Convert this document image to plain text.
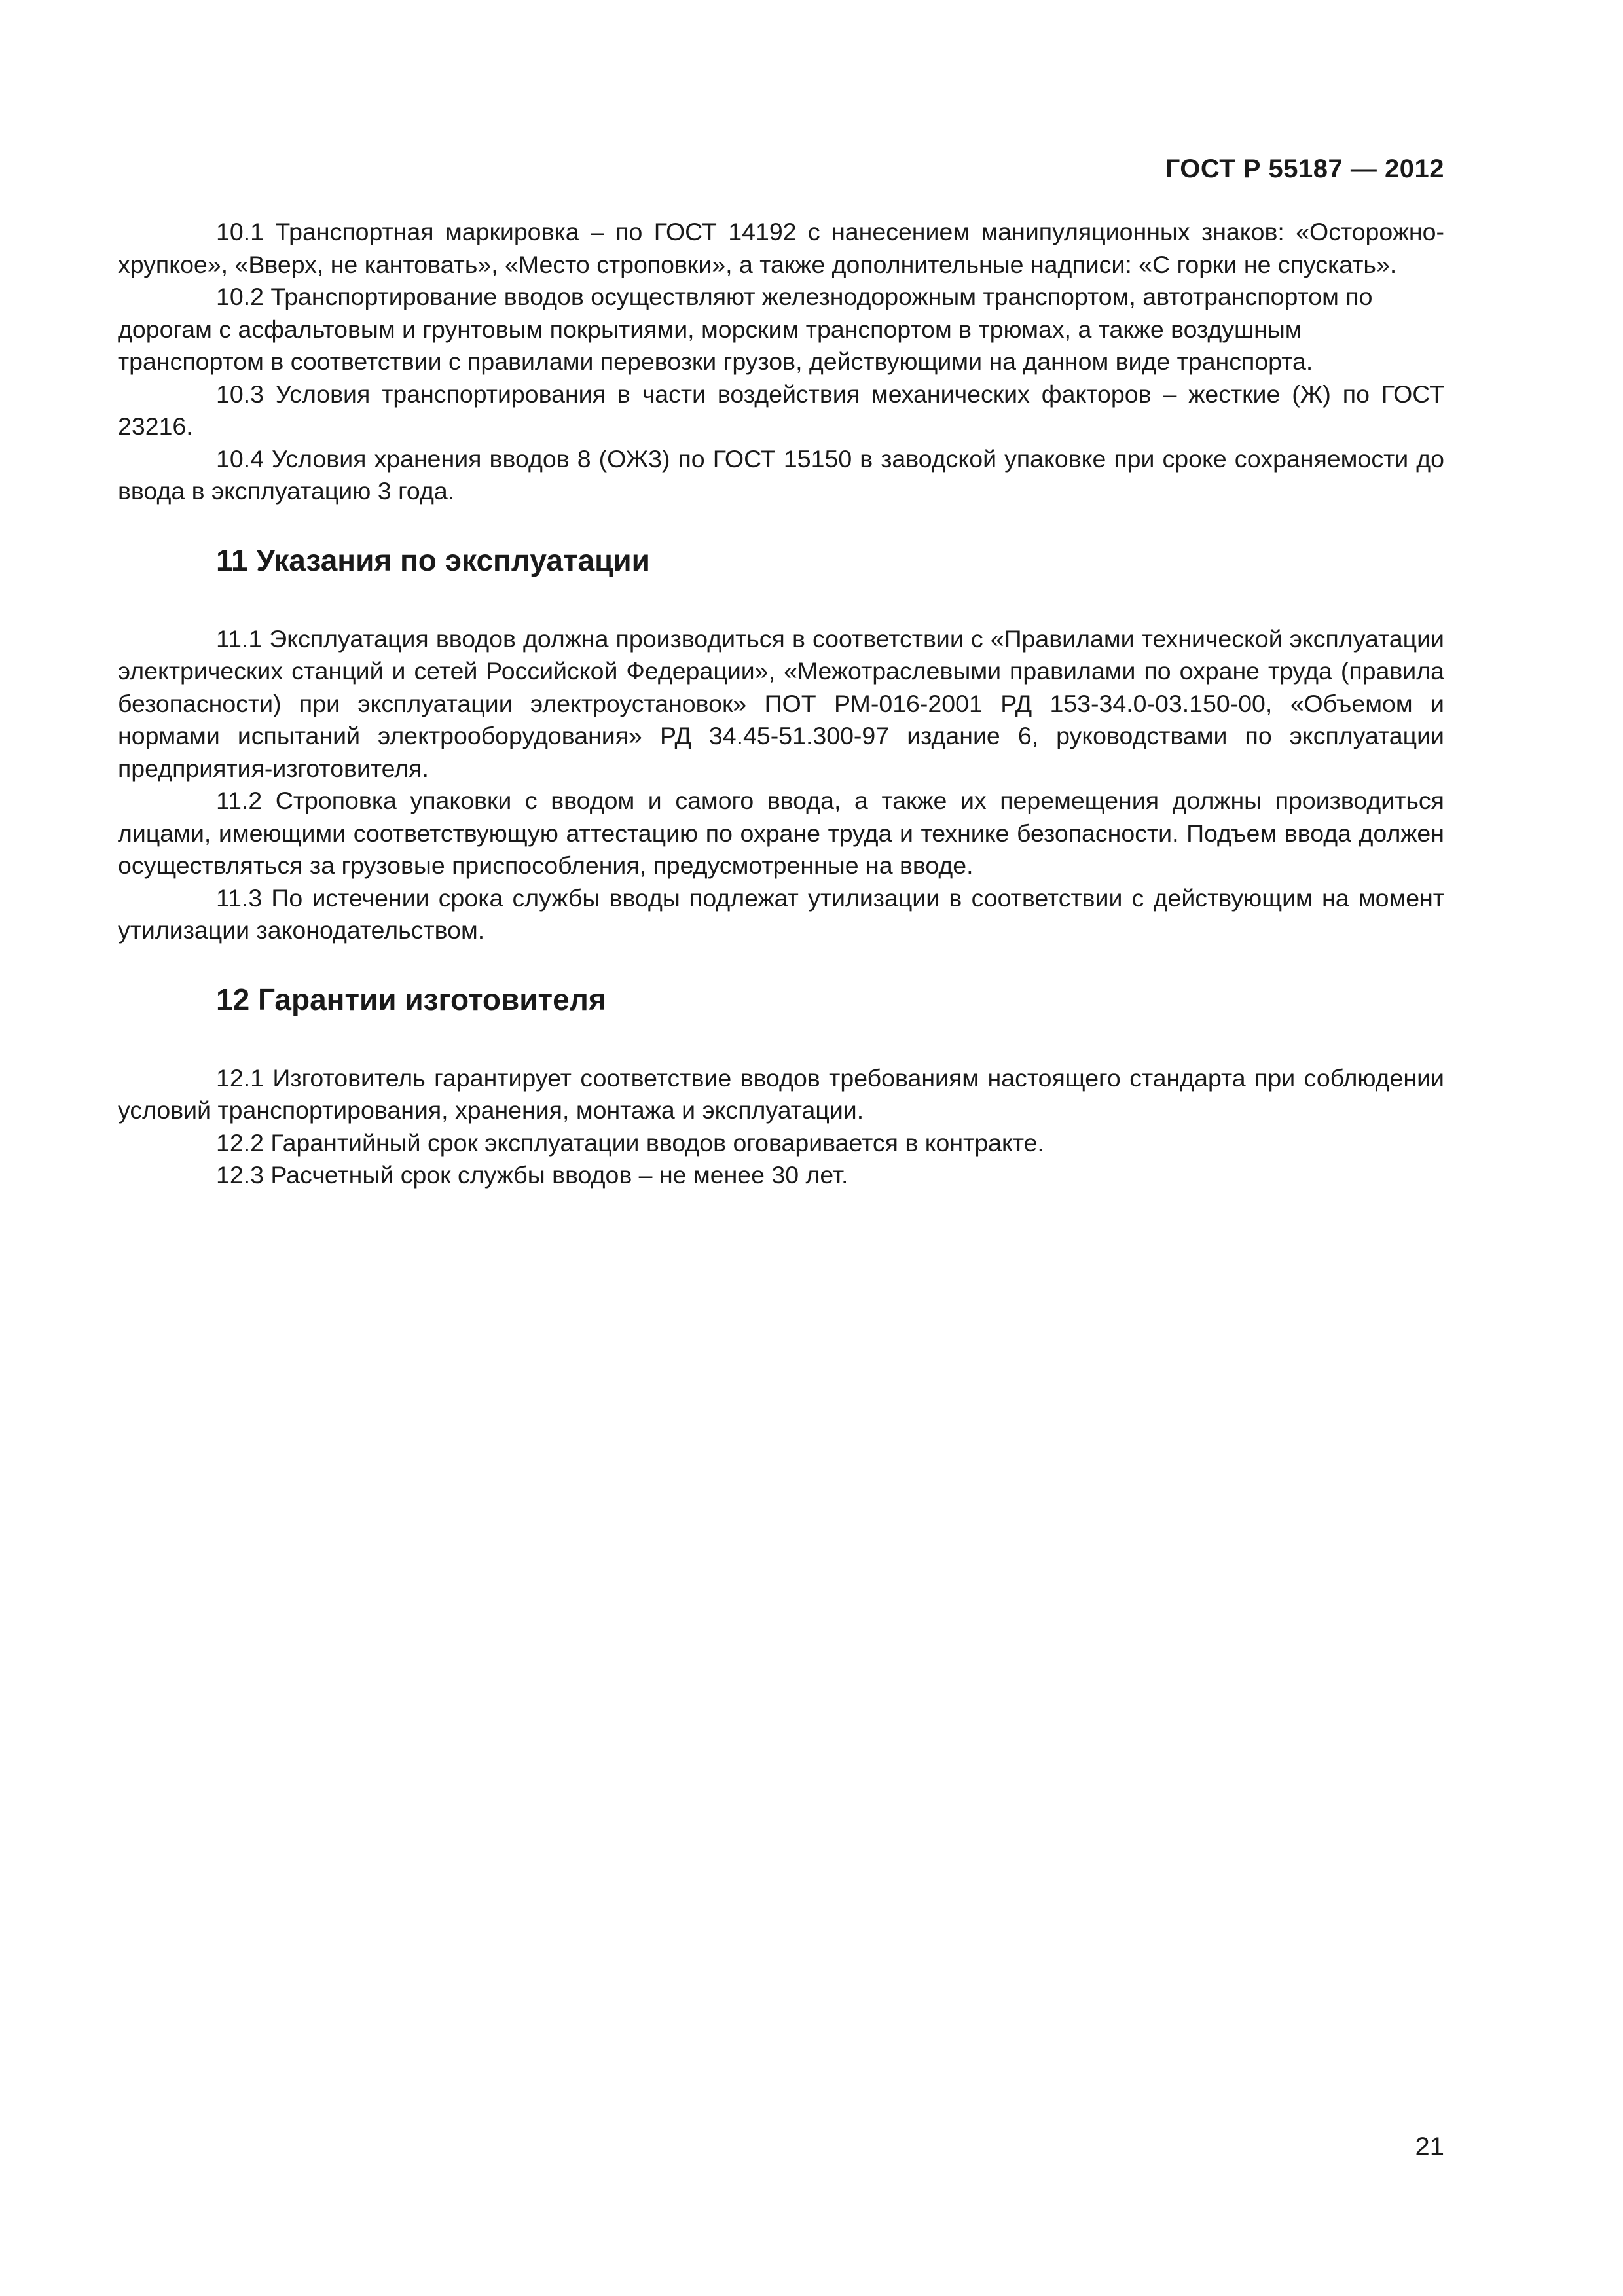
ГОСТ Р 55187 — 2012

10.1 Транспортная маркировка – по ГОСТ 14192 с нанесением манипуляционных знаков: «Осторожно-хрупкое», «Вверх, не кантовать», «Место строповки», а также дополнительные надписи: «С горки не спускать».

10.2 Транспортирование вводов осуществляют железнодорожным транспортом, автотранспортом по дорогам с асфальтовым и грунтовым покрытиями, морским транспортом в трюмах, а также воздушным транспортом в соответствии с правилами перевозки грузов, действующими на данном виде транспорта.

10.3 Условия транспортирования в части воздействия механических факторов – жесткие (Ж) по ГОСТ 23216.

10.4 Условия хранения вводов 8 (ОЖ3) по ГОСТ 15150 в заводской упаковке при сроке сохраняемости до ввода в эксплуатацию 3 года.

11 Указания по эксплуатации

11.1 Эксплуатация вводов должна производиться в соответствии с «Правилами технической эксплуатации электрических станций и сетей Российской Федерации», «Межотраслевыми правилами по охране труда (правила безопасности) при эксплуатации электроустановок» ПОТ РМ-016-2001 РД 153-34.0-03.150-00, «Объемом и нормами испытаний электрооборудования» РД 34.45-51.300-97 издание 6, руководствами по эксплуатации предприятия-изготовителя.

11.2 Строповка упаковки с вводом и самого ввода, а также их перемещения должны производиться лицами, имеющими соответствующую аттестацию по охране труда и технике безопасности. Подъем ввода должен осуществляться за грузовые приспособления, предусмотренные на вводе.

11.3 По истечении срока службы вводы подлежат утилизации в соответствии с действующим на момент утилизации законодательством.

12 Гарантии изготовителя

12.1 Изготовитель гарантирует соответствие вводов требованиям настоящего стандарта при соблюдении условий транспортирования, хранения, монтажа и эксплуатации.

12.2 Гарантийный срок эксплуатации вводов оговаривается в контракте.

12.3 Расчетный срок службы вводов – не менее 30 лет.

21
